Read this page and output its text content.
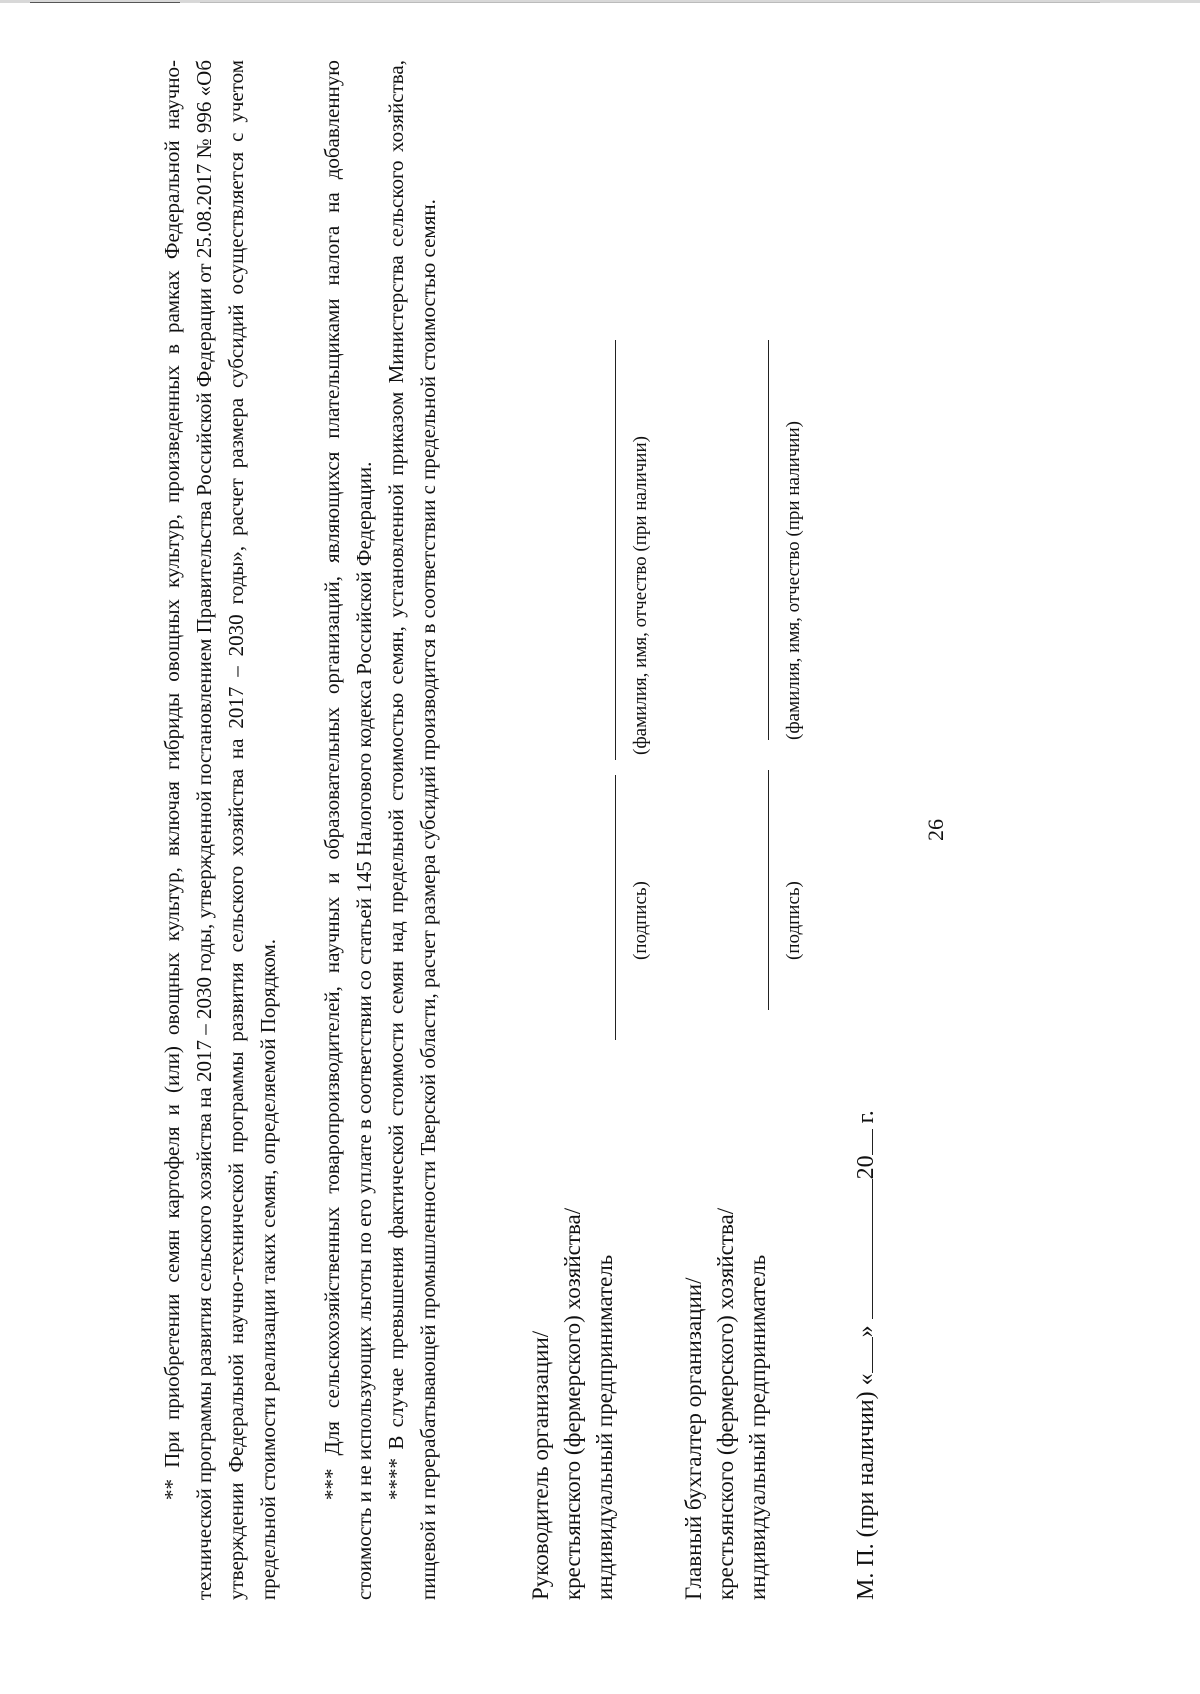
26

** При приобретении семян картофеля и (или) овощных культур, включая гибриды овощных культур, произведенных в рамках Федеральной научно-технической программы развития сельского хозяйства на 2017 – 2030 годы, утвержденной постановлением Правительства Российской Федерации от 25.08.2017 № 996 «Об утверждении Федеральной научно-технической программы развития сельского хозяйства на 2017 – 2030 годы», расчет размера субсидий осуществляется с учетом предельной стоимости реализации таких семян, определяемой Порядком. *** Для сельскохозяйственных товаропроизводителей, научных и образовательных организаций, являющихся плательщиками налога на добавленную стоимость и не использующих льготы по его уплате в соответствии со статьей 145 Налогового кодекса Российской Федерации. **** В случае превышения фактической стоимости семян над предельной стоимостью семян, установленной приказом Министерства сельского хозяйства, пищевой и перерабатывающей промышленности Тверской области, расчет размера субсидий производится в соответствии с предельной стоимостью семян.	Руководитель организации/ крестьянского (фермерского) хозяйства/ индивидуальный предприниматель
(подпись)
(фамилия, имя, отчество (при наличии)
Главный бухгалтер организации/ крестьянского (фермерского) хозяйства/ индивидуальный предприниматель
(подпись)
(фамилия, имя, отчество (при наличии)
М. П. (при наличии) «» 20 г.
